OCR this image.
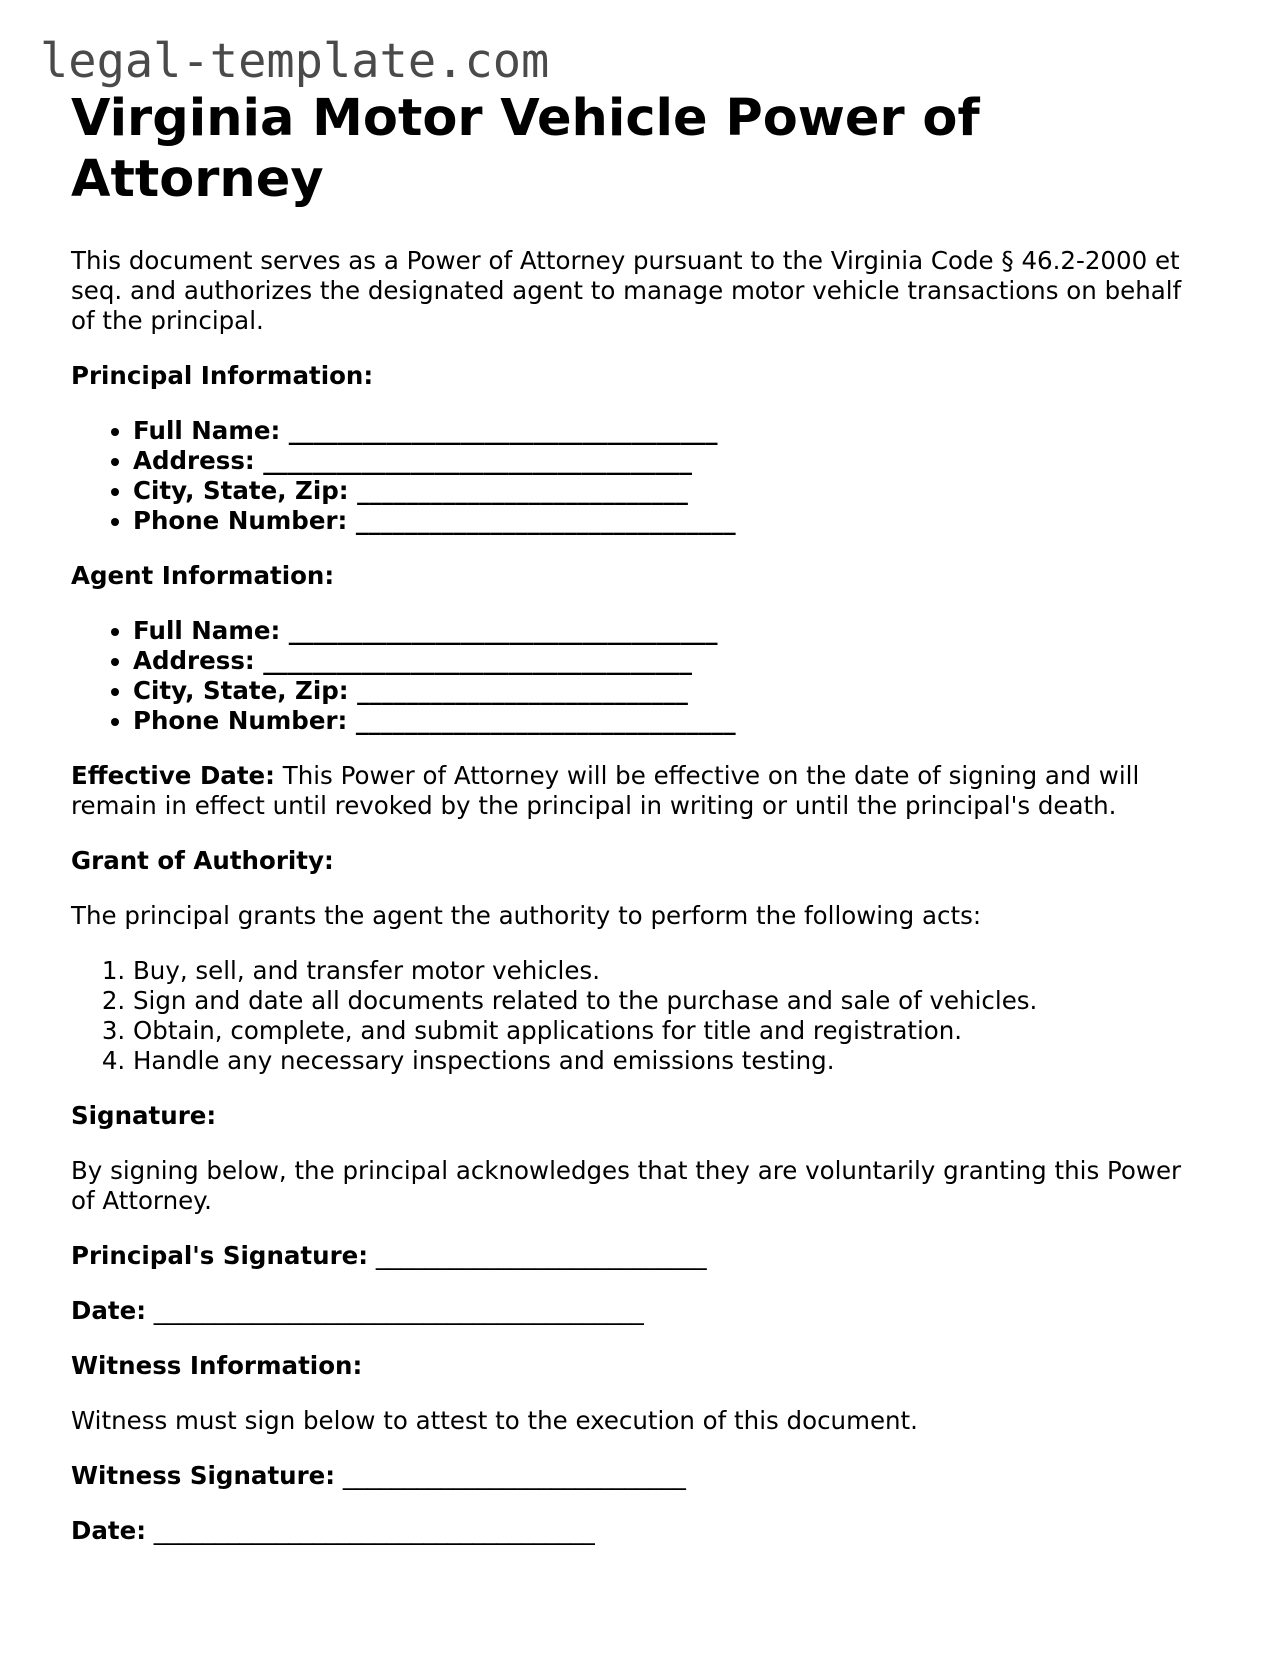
legal-template.com
Virginia Motor Vehicle Power of Attorney

This document serves as a Power of Attorney pursuant to the Virginia Code § 46.2-2000 et seq. and authorizes the designated agent to manage motor vehicle transactions on behalf of the principal.

Principal Information:

• Full Name: ___________________________________
• Address: ___________________________________
• City, State, Zip: ___________________________
• Phone Number: _______________________________

Agent Information:

• Full Name: ___________________________________
• Address: ___________________________________
• City, State, Zip: ___________________________
• Phone Number: _______________________________

Effective Date: This Power of Attorney will be effective on the date of signing and will remain in effect until revoked by the principal in writing or until the principal's death.

Grant of Authority:

The principal grants the agent the authority to perform the following acts:

1. Buy, sell, and transfer motor vehicles.
2. Sign and date all documents related to the purchase and sale of vehicles.
3. Obtain, complete, and submit applications for title and registration.
4. Handle any necessary inspections and emissions testing.

Signature:

By signing below, the principal acknowledges that they are voluntarily granting this Power of Attorney.

Principal's Signature: ___________________________

Date: ________________________________________

Witness Information:

Witness must sign below to attest to the execution of this document.

Witness Signature: ____________________________

Date: ____________________________________
